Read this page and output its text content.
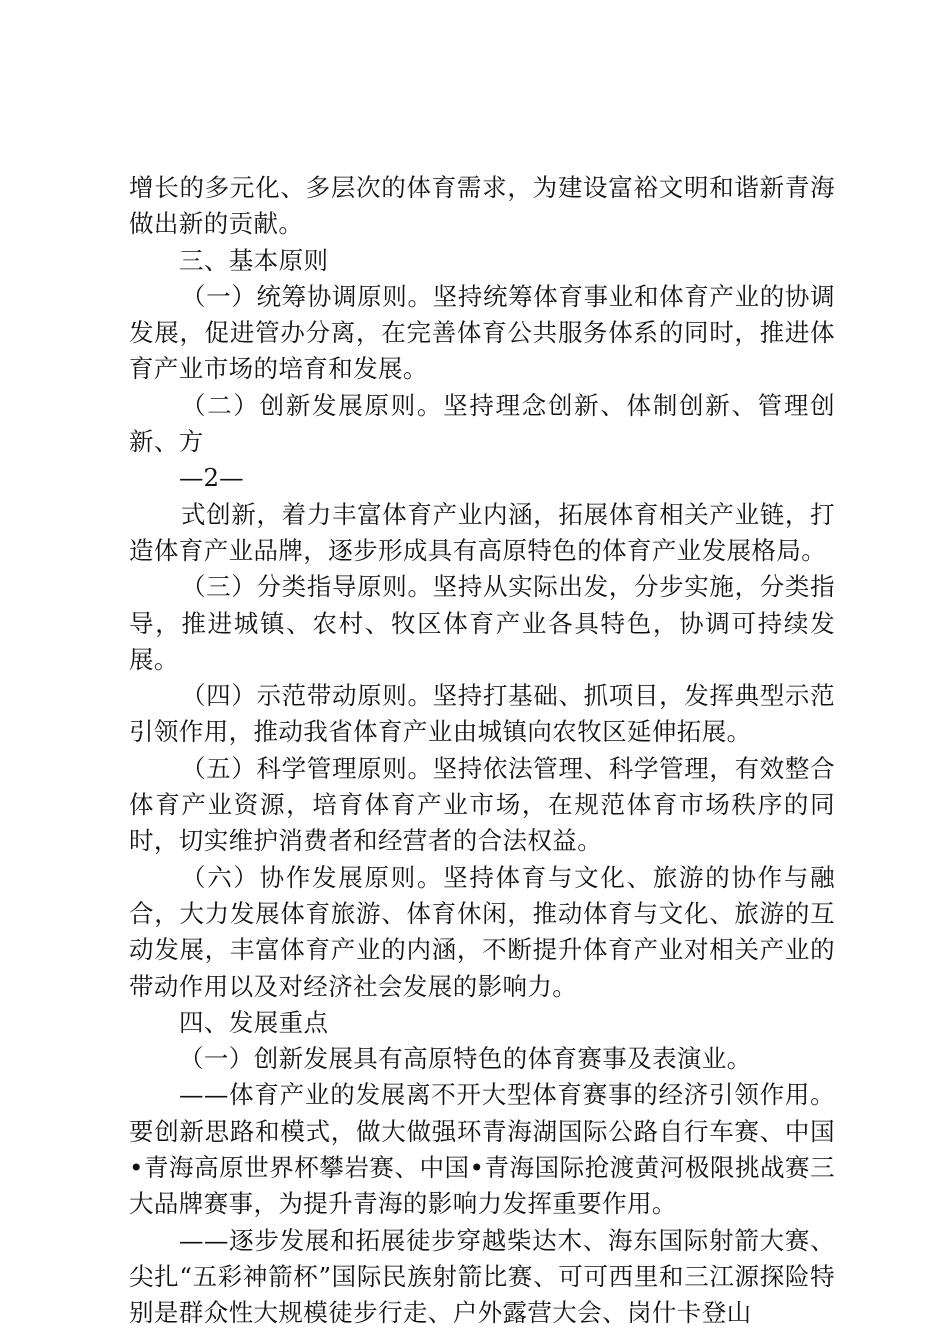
增长的多元化、多层次的体育需求，为建设富裕文明和谐新青海做出新的贡献。

三、基本原则

（一）统筹协调原则。坚持统筹体育事业和体育产业的协调发展，促进管办分离，在完善体育公共服务体系的同时，推进体育产业市场的培育和发展。

（二）创新发展原则。坚持理念创新、体制创新、管理创新、方

—2—

式创新，着力丰富体育产业内涵，拓展体育相关产业链，打造体育产业品牌，逐步形成具有高原特色的体育产业发展格局。

（三）分类指导原则。坚持从实际出发，分步实施，分类指导，推进城镇、农村、牧区体育产业各具特色，协调可持续发展。

（四）示范带动原则。坚持打基础、抓项目，发挥典型示范引领作用，推动我省体育产业由城镇向农牧区延伸拓展。

（五）科学管理原则。坚持依法管理、科学管理，有效整合体育产业资源，培育体育产业市场，在规范体育市场秩序的同时，切实维护消费者和经营者的合法权益。

（六）协作发展原则。坚持体育与文化、旅游的协作与融合，大力发展体育旅游、体育休闲，推动体育与文化、旅游的互动发展，丰富体育产业的内涵，不断提升体育产业对相关产业的带动作用以及对经济社会发展的影响力。

四、发展重点

（一）创新发展具有高原特色的体育赛事及表演业。

——体育产业的发展离不开大型体育赛事的经济引领作用。要创新思路和模式，做大做强环青海湖国际公路自行车赛、中国•青海高原世界杯攀岩赛、中国•青海国际抢渡黄河极限挑战赛三大品牌赛事，为提升青海的影响力发挥重要作用。

——逐步发展和拓展徒步穿越柴达木、海东国际射箭大赛、尖扎“五彩神箭杯”国际民族射箭比赛、可可西里和三江源探险特别是群众性大规模徒步行走、户外露营大会、岗什卡登山
